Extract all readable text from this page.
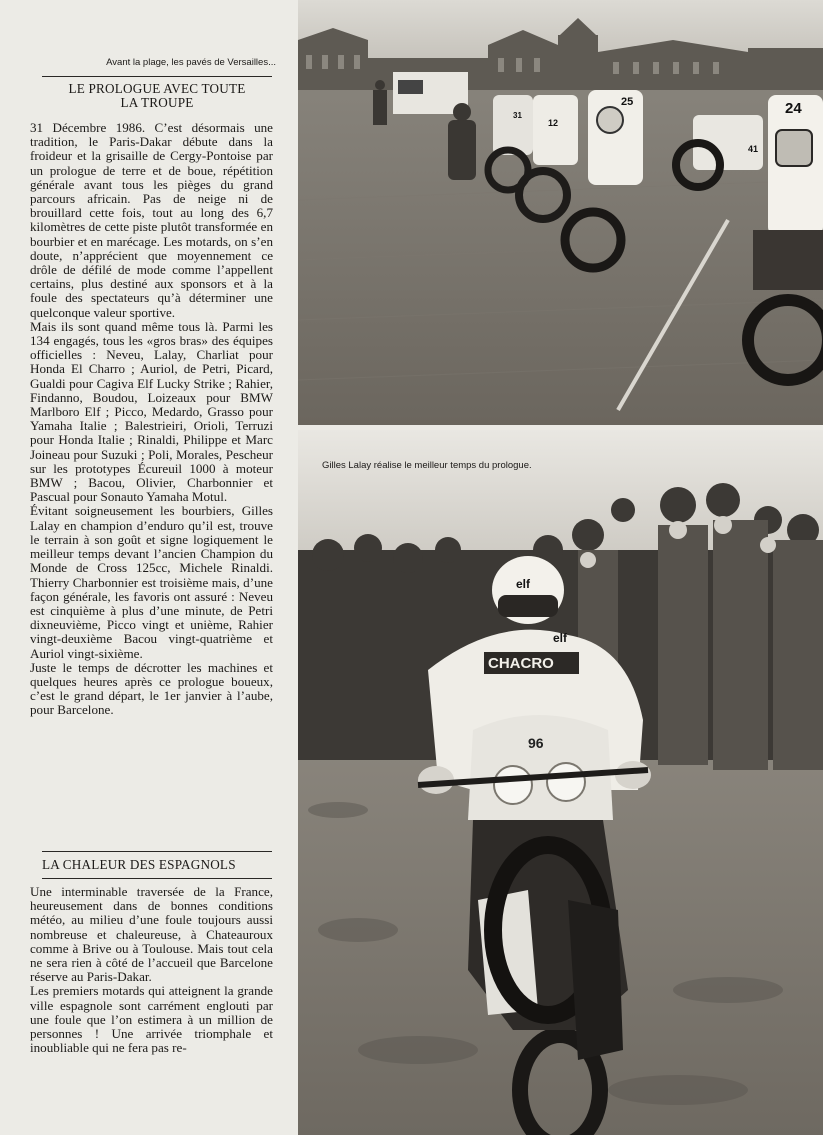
Avant la plage, les pavés de Versailles...

LE PROLOGUE AVEC TOUTE
LA TROUPE

31 Décembre 1986. C’est désormais une tradition, le Paris-Dakar débute dans la froideur et la grisaille de Cergy-Pontoise par un prologue de terre et de boue, répétition générale avant tous les pièges du grand parcours africain. Pas de neige ni de brouillard cette fois, tout au long des 6,7 kilomètres de cette piste plutôt transformée en bourbier et en marécage. Les motards, on s’en doute, n’apprécient que moyennement ce drôle de défilé de mode comme l’appellent certains, plus destiné aux sponsors et à la foule des spectateurs qu’à déterminer une quelconque valeur sportive.

Mais ils sont quand même tous là. Parmi les 134 engagés, tous les «gros bras» des équipes officielles : Neveu, Lalay, Charliat pour Honda El Charro ; Auriol, de Petri, Picard, Gualdi pour Cagiva Elf Lucky Strike ; Rahier, Findanno, Boudou, Loizeaux pour BMW Marlboro Elf ; Picco, Medardo, Grasso pour Yamaha Italie ; Balestrieiri, Orioli, Terruzi pour Honda Italie ; Rinaldi, Philippe et Marc Joineau pour Suzuki ; Poli, Morales, Pescheur sur les prototypes Écureuil 1000 à moteur BMW ; Bacou, Olivier, Charbonnier et Pascual pour Sonauto Yamaha Motul.

Évitant soigneusement les bourbiers, Gilles Lalay en champion d’enduro qu’il est, trouve le terrain à son goût et signe logiquement le meilleur temps devant l’ancien Champion du Monde de Cross 125cc, Michele Rinaldi. Thierry Charbonnier est troisième mais, d’une façon générale, les favoris ont assuré : Neveu est cinquième à plus d’une minute, de Petri dixneuvième, Picco vingt et unième, Rahier vingt-deuxième Bacou vingt-quatrième et Auriol vingt-sixième.

Juste le temps de décrotter les machines et quelques heures après ce prologue boueux, c’est le grand départ, le 1er janvier à l’aube, pour Barcelone.

LA CHALEUR DES ESPAGNOLS

Une interminable traversée de la France, heureusement dans de bonnes conditions météo, au milieu d’une foule toujours aussi nombreuse et chaleureuse, à Chateauroux comme à Brive ou à Toulouse. Mais tout cela ne sera rien à côté de l’accueil que Barcelone réserve au Paris-Dakar.

Les premiers motards qui atteignent la grande ville espagnole sont carrément englouti par une foule que l’on estimera à un million de personnes ! Une arrivée triomphale et inoubliable qui ne fera pas re-

24
25
41
12
31
CHACRO
elf
elf
96

Gilles Lalay réalise le meilleur temps du prologue.
